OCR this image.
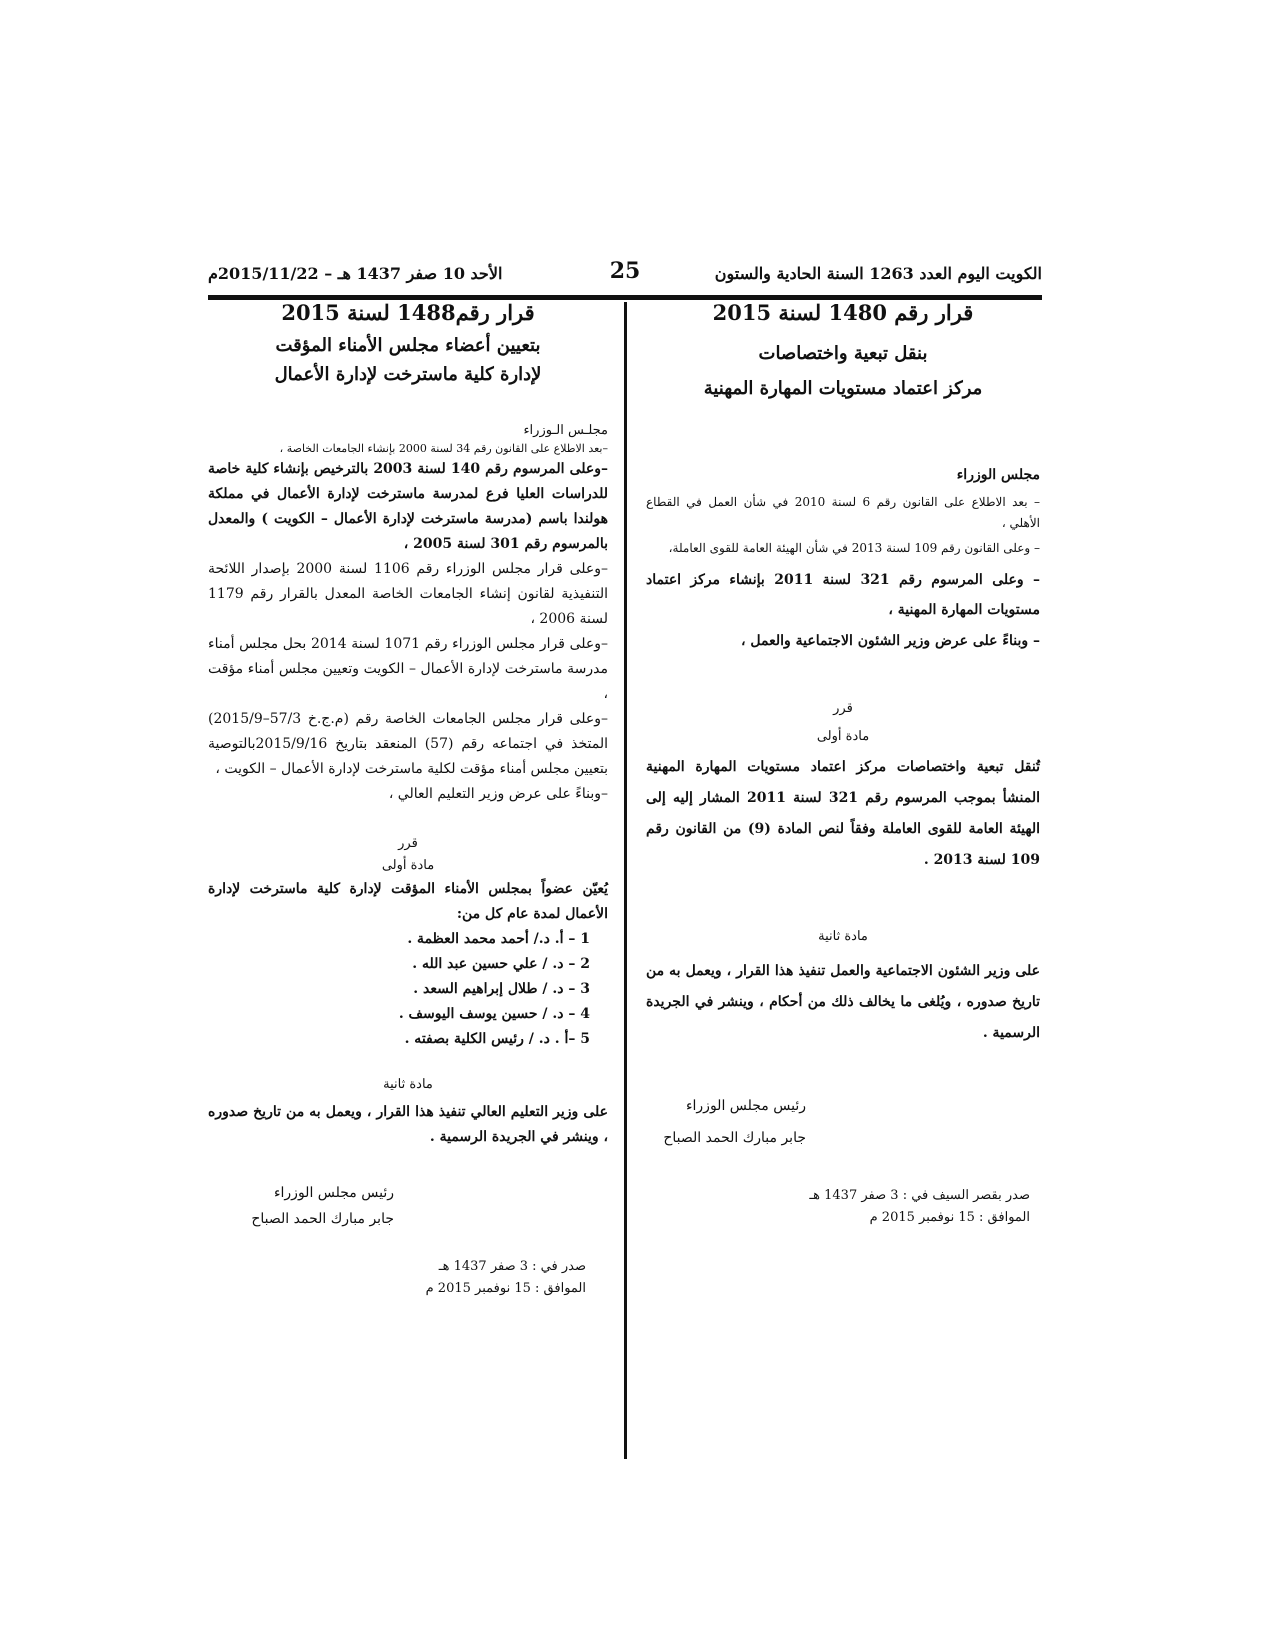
الكويت اليوم العدد 1263 السنة الحادية والستون
25
الأحد 10 صفر 1437 هـ – 2015/11/22م

قرار رقم 1480 لسنة 2015

بنقل تبعية واختصاصات

مركز اعتماد مستويات المهارة المهنية

مجلس الوزراء

– بعد الاطلاع على القانون رقم 6 لسنة 2010 في شأن العمل في القطاع الأهلي ،

– وعلى القانون رقم 109 لسنة 2013 في شأن الهيئة العامة للقوى العاملة،

– وعلى المرسوم رقم 321 لسنة 2011 بإنشاء مركز اعتماد مستويات المهارة المهنية ،

– وبناءً على عرض وزير الشئون الاجتماعية والعمل ،

قرر

مادة أولى

تُنقل تبعية واختصاصات مركز اعتماد مستويات المهارة المهنية المنشأ بموجب المرسوم رقم 321 لسنة 2011 المشار إليه إلى الهيئة العامة للقوى العاملة وفقاً لنص المادة (9) من القانون رقم 109 لسنة 2013 .

مادة ثانية

على وزير الشئون الاجتماعية والعمل تنفيذ هذا القرار ، ويعمل به من تاريخ صدوره ، ويُلغى ما يخالف ذلك من أحكام ، وينشر في الجريدة الرسمية .

رئيس مجلس الوزراء

جابر مبارك الحمد الصباح

صدر بقصر السيف في : 3 صفر 1437 هـ

الموافق : 15 نوفمبر 2015 م

قرار رقم1488 لسنة 2015

بتعيين أعضاء مجلس الأمناء المؤقت

لإدارة كلية ماسترخت لإدارة الأعمال

مجلـس الـوزراء

–بعد الاطلاع على القانون رقم 34 لسنة 2000 بإنشاء الجامعات الخاصة ،

–وعلى المرسوم رقم 140 لسنة 2003 بالترخيص بإنشاء كلية خاصة للدراسات العليا فرع لمدرسة ماسترخت لإدارة الأعمال في مملكة هولندا باسم (مدرسة ماسترخت لإدارة الأعمال – الكويت ) والمعدل بالمرسوم رقم 301 لسنة 2005 ،

–وعلى قرار مجلس الوزراء رقم 1106 لسنة 2000 بإصدار اللائحة التنفيذية لقانون إنشاء الجامعات الخاصة المعدل بالقرار رقم 1179 لسنة 2006 ،

–وعلى قرار مجلس الوزراء رقم 1071 لسنة 2014 بحل مجلس أمناء مدرسة ماسترخت لإدارة الأعمال – الكويت وتعيين مجلس أمناء مؤقت ،

–وعلى قرار مجلس الجامعات الخاصة رقم (م.ج.خ 57/3–2015/9) المتخذ في اجتماعه رقم (57) المنعقد بتاريخ 2015/9/16بالتوصية بتعيين مجلس أمناء مؤقت لكلية ماسترخت لإدارة الأعمال – الكويت ،

–وبناءً على عرض وزير التعليم العالي ،

قرر

مادة أولى

يُعيّن عضواً بمجلس الأمناء المؤقت لإدارة كلية ماسترخت لإدارة الأعمال لمدة عام كل من:

1 – أ. د./ أحمد محمد العظمة .

2 – د. / علي حسين عبد الله .

3 – د. / طلال إبراهيم السعد .

4 – د. / حسين يوسف اليوسف .

5 –أ . د. / رئيس الكلية بصفته .

مادة ثانية

على وزير التعليم العالي تنفيذ هذا القرار ، ويعمل به من تاريخ صدوره ، وينشر في الجريدة الرسمية .

رئيس مجلس الوزراء

جابر مبارك الحمد الصباح

صدر في : 3 صفر 1437 هـ

الموافق : 15 نوفمبر 2015 م
